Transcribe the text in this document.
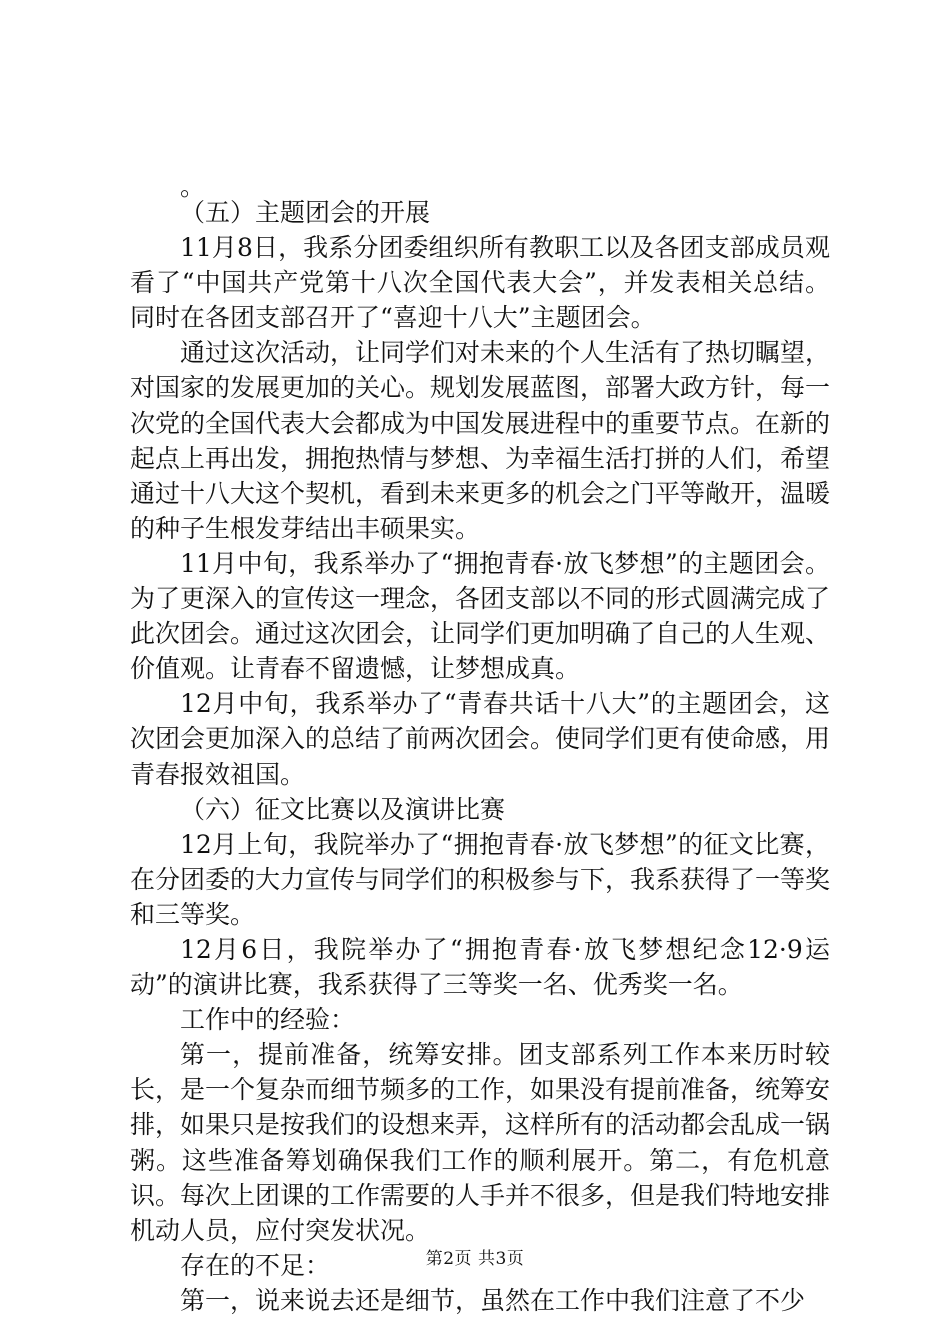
。

（五）主题团会的开展

11月8日，我系分团委组织所有教职工以及各团支部成员观看了“中国共产党第十八次全国代表大会”，并发表相关总结。同时在各团支部召开了“喜迎十八大”主题团会。

通过这次活动，让同学们对未来的个人生活有了热切瞩望，对国家的发展更加的关心。规划发展蓝图，部署大政方针，每一次党的全国代表大会都成为中国发展进程中的重要节点。在新的起点上再出发，拥抱热情与梦想、为幸福生活打拼的人们，希望通过十八大这个契机，看到未来更多的机会之门平等敞开，温暖的种子生根发芽结出丰硕果实。

11月中旬，我系举办了“拥抱青春·放飞梦想”的主题团会。为了更深入的宣传这一理念，各团支部以不同的形式圆满完成了此次团会。通过这次团会，让同学们更加明确了自己的人生观、价值观。让青春不留遗憾，让梦想成真。

12月中旬，我系举办了“青春共话十八大”的主题团会，这次团会更加深入的总结了前两次团会。使同学们更有使命感，用青春报效祖国。

（六）征文比赛以及演讲比赛

12月上旬，我院举办了“拥抱青春·放飞梦想”的征文比赛，在分团委的大力宣传与同学们的积极参与下，我系获得了一等奖和三等奖。

12月6日，我院举办了“拥抱青春·放飞梦想纪念12·9运动”的演讲比赛，我系获得了三等奖一名、优秀奖一名。

工作中的经验：

第一，提前准备，统筹安排。团支部系列工作本来历时较长，是一个复杂而细节频多的工作，如果没有提前准备，统筹安排，如果只是按我们的设想来弄，这样所有的活动都会乱成一锅粥。这些准备筹划确保我们工作的顺利展开。第二，有危机意识。每次上团课的工作需要的人手并不很多，但是我们特地安排机动人员，应付突发状况。

存在的不足：

第一，说来说去还是细节，虽然在工作中我们注意了不少

第2页 共3页
